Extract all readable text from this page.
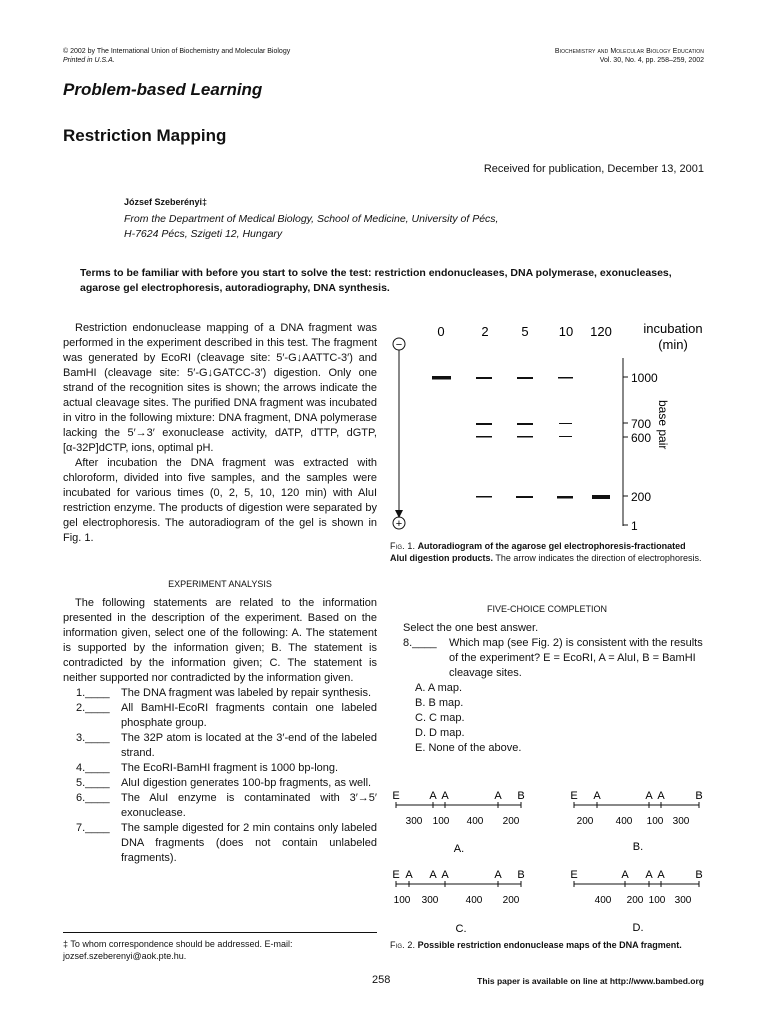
© 2002 by The International Union of Biochemistry and Molecular Biology
Printed in U.S.A.
Biochemistry and Molecular Biology Education
Vol. 30, No. 4, pp. 258–259, 2002
Problem-based Learning
Restriction Mapping
Received for publication, December 13, 2001
József Szeberényi‡
From the Department of Medical Biology, School of Medicine, University of Pécs,
H-7624 Pécs, Szigeti 12, Hungary
Terms to be familiar with before you start to solve the test: restriction endonucleases, DNA polymerase, exonucleases, agarose gel electrophoresis, autoradiography, DNA synthesis.

Restriction endonuclease mapping of a DNA fragment was performed in the experiment described in this test. The fragment was generated by EcoRI (cleavage site: 5′-G↓AATTC-3′) and BamHI (cleavage site: 5′-G↓GATCC-3′) digestion. Only one strand of the recognition sites is shown; the arrows indicate the actual cleavage sites. The purified DNA fragment was incubated in vitro in the following mixture: DNA fragment, DNA polymerase lacking the 5′→3′ exonuclease activity, dATP, dTTP, dGTP, [α-32P]dCTP, ions, optimal pH.

After incubation the DNA fragment was extracted with chloroform, divided into five samples, and the samples were incubated for various times (0, 2, 5, 10, 120 min) with AluI restriction enzyme. The products of digestion were separated by gel electrophoresis. The autoradiogram of the gel is shown in Fig. 1.

EXPERIMENT ANALYSIS

The following statements are related to the information presented in the description of the experiment. Based on the information given, select one of the following: A. The statement is supported by the information given; B. The statement is contradicted by the information given; C. The statement is neither supported nor contradicted by the information given.

1.____	The DNA fragment was labeled by repair synthesis.
2.____	All BamHI-EcoRI fragments contain one labeled phosphate group.
3.____	The 32P atom is located at the 3′-end of the labeled strand.
4.____	The EcoRI-BamHI fragment is 1000 bp-long.
5.____	AluI digestion generates 100-bp fragments, as well.
6.____	The AluI enzyme is contaminated with 3′→5′ exonuclease.
7.____	The sample digested for 2 min contains only labeled DNA fragments (does not contain unlabeled fragments).
0	2	5 10 120 incubation
(min)
−
+
1000
700
600
200
1
base pair
Fig. 1. Autoradiogram of the agarose gel electrophoresis-fractionated AluI digestion products. The arrow indicates the direction of electrophoresis.
FIVE-CHOICE COMPLETION
Select the one best answer.
8.____	Which map (see Fig. 2) is consistent with the results of the experiment? E = EcoRI, A = AluI, B = BamHI cleavage sites.
A. A map.
B. B map.
C. C map.
D. D map.
E. None of the above.
E	A A	A B
300 100 400 200
A.
E A	A A	B
200 400 100 300
B.
E A A A	A B
100 300	400 200
C.
E	A A A	B
400 200 100 300
D.
Fig. 2. Possible restriction endonuclease maps of the DNA fragment.
‡ To whom correspondence should be addressed. E-mail: jozsef.szeberenyi@aok.pte.hu.
258	This paper is available on line at http://www.bambed.org
